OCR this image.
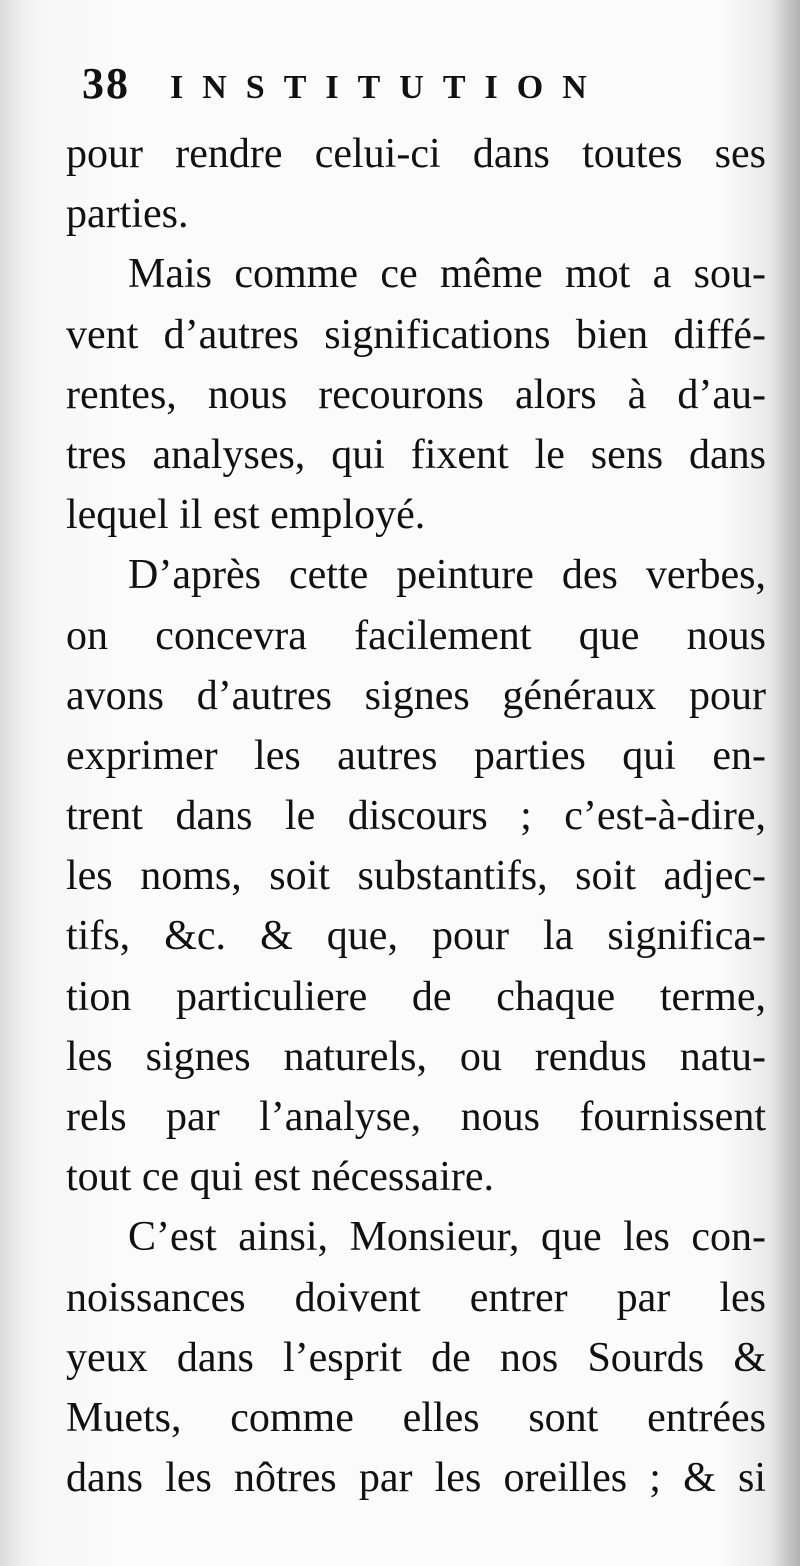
38 INSTITUTION
pour rendre celui-ci dans toutes ses
parties.
Mais comme ce même mot a sou-
vent d’autres significations bien diffé-
rentes, nous recourons alors à d’au-
tres analyses, qui fixent le sens dans
lequel il est employé.
D’après cette peinture des verbes,
on concevra facilement que nous
avons d’autres signes généraux pour
exprimer les autres parties qui en-
trent dans le discours ; c’est-à-dire,
les noms, soit substantifs, soit adjec-
tifs, &c. & que, pour la significa-
tion particuliere de chaque terme,
les signes naturels, ou rendus natu-
rels par l’analyse, nous fournissent
tout ce qui est nécessaire.
C’est ainsi, Monsieur, que les con-
noissances doivent entrer par les
yeux dans l’esprit de nos Sourds &
Muets, comme elles sont entrées
dans les nôtres par les oreilles ; & si
